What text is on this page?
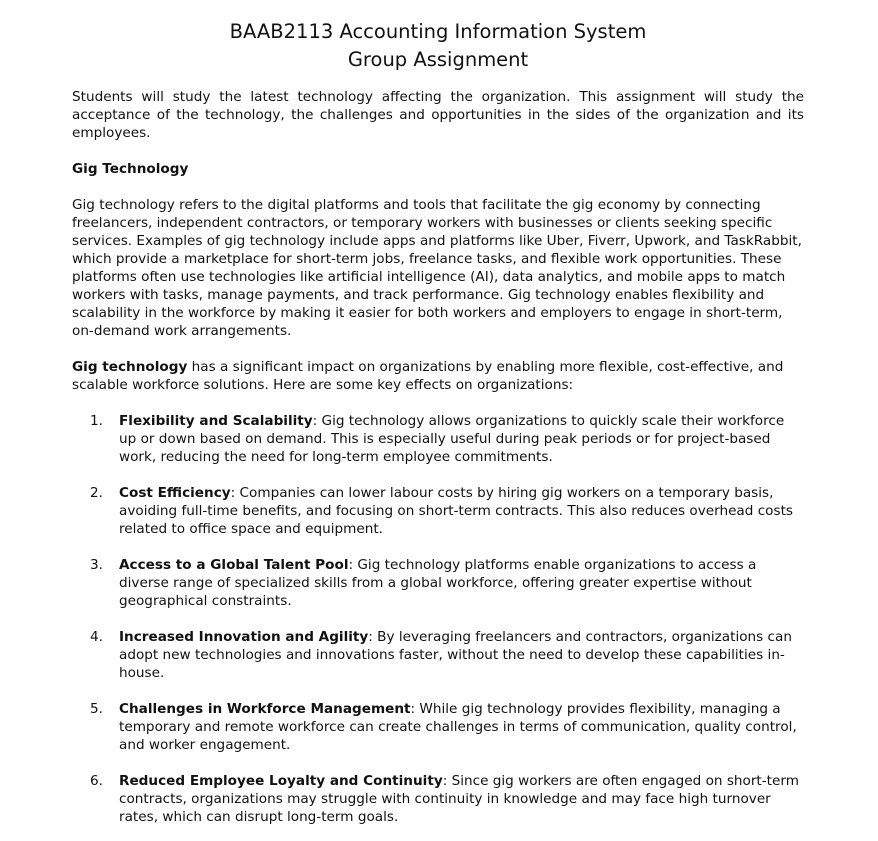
BAAB2113 Accounting Information System
Group Assignment

Students will study the latest technology affecting the organization. This assignment will study the acceptance of the technology, the challenges and opportunities in the sides of the organization and its employees.

Gig Technology

Gig technology refers to the digital platforms and tools that facilitate the gig economy by connecting freelancers, independent contractors, or temporary workers with businesses or clients seeking specific services. Examples of gig technology include apps and platforms like Uber, Fiverr, Upwork, and TaskRabbit, which provide a marketplace for short-term jobs, freelance tasks, and flexible work opportunities. These platforms often use technologies like artificial intelligence (AI), data analytics, and mobile apps to match workers with tasks, manage payments, and track performance. Gig technology enables flexibility and scalability in the workforce by making it easier for both workers and employers to engage in short-term, on-demand work arrangements.

Gig technology has a significant impact on organizations by enabling more flexible, cost-effective, and scalable workforce solutions. Here are some key effects on organizations:

1. Flexibility and Scalability: Gig technology allows organizations to quickly scale their workforce up or down based on demand. This is especially useful during peak periods or for project-based work, reducing the need for long-term employee commitments.
2. Cost Efficiency: Companies can lower labour costs by hiring gig workers on a temporary basis, avoiding full-time benefits, and focusing on short-term contracts. This also reduces overhead costs related to office space and equipment.
3. Access to a Global Talent Pool: Gig technology platforms enable organizations to access a diverse range of specialized skills from a global workforce, offering greater expertise without geographical constraints.
4. Increased Innovation and Agility: By leveraging freelancers and contractors, organizations can adopt new technologies and innovations faster, without the need to develop these capabilities in-house.
5. Challenges in Workforce Management: While gig technology provides flexibility, managing a temporary and remote workforce can create challenges in terms of communication, quality control, and worker engagement.
6. Reduced Employee Loyalty and Continuity: Since gig workers are often engaged on short-term contracts, organizations may struggle with continuity in knowledge and may face high turnover rates, which can disrupt long-term goals.
